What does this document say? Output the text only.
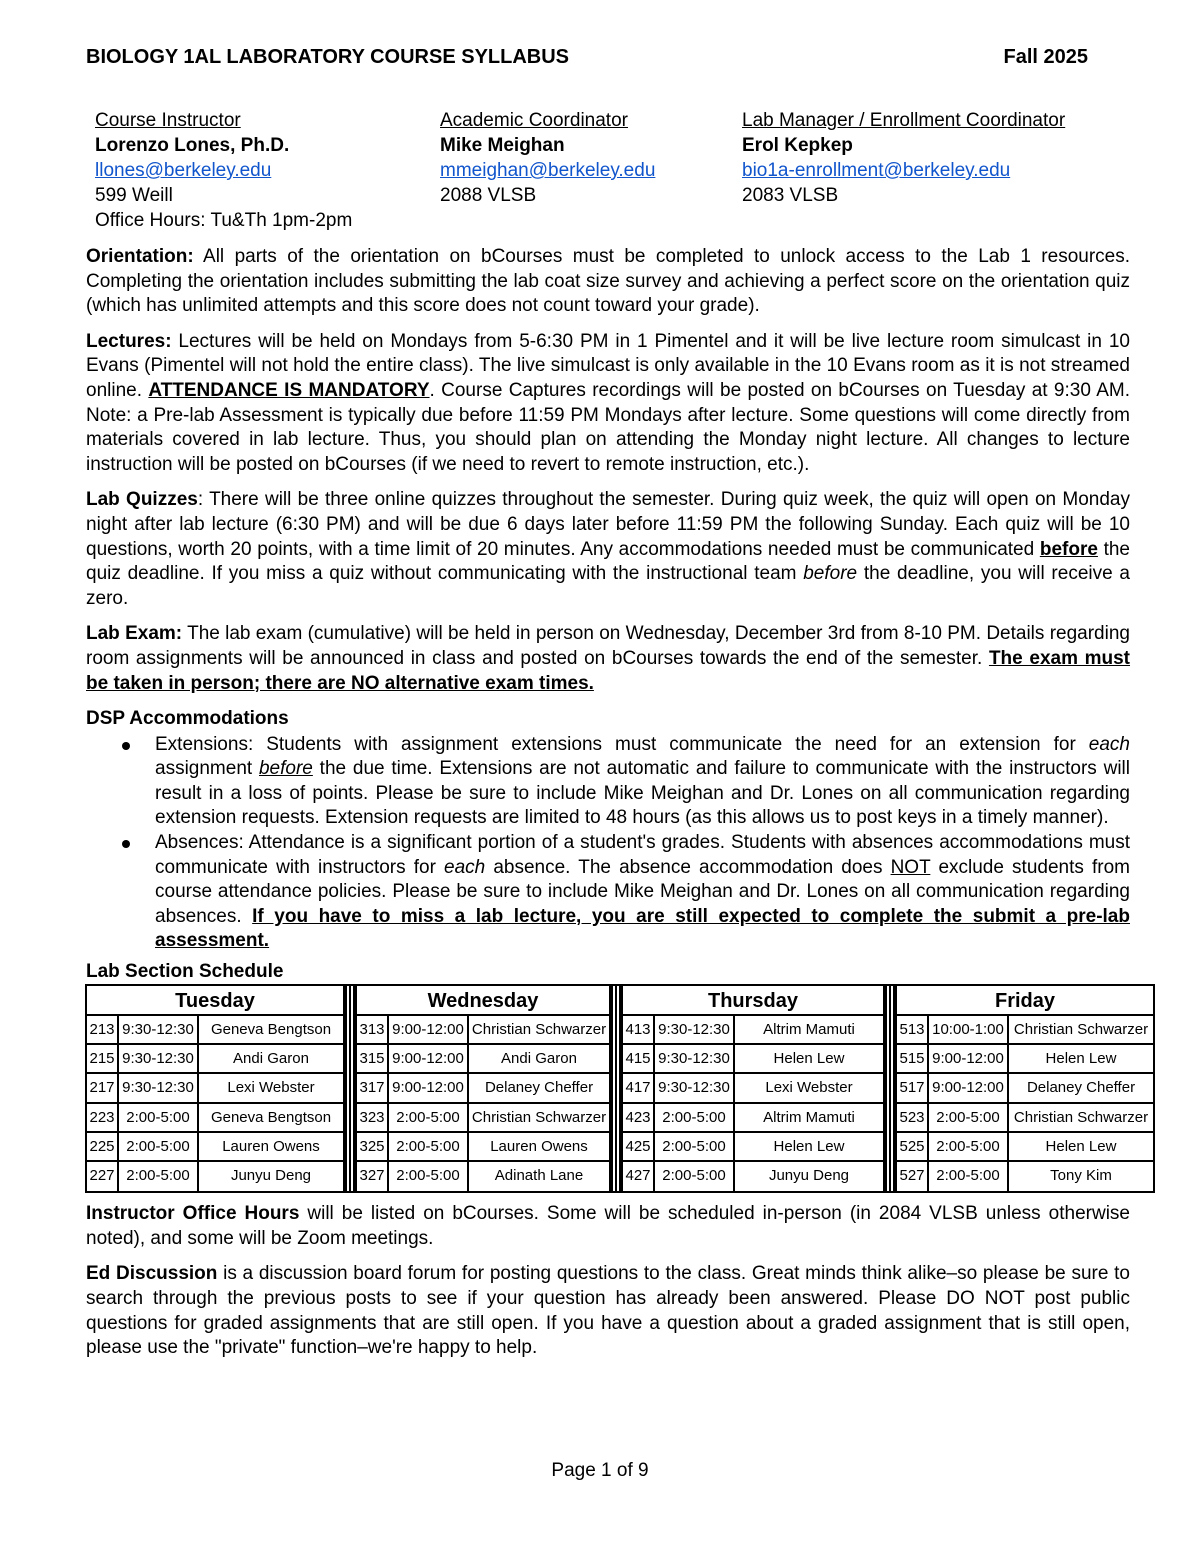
BIOLOGY 1AL LABORATORY COURSE SYLLABUS	Fall 2025
Course Instructor
Lorenzo Lones, Ph.D.
llones@berkeley.edu
599 Weill
Office Hours: Tu&Th 1pm-2pm
Academic Coordinator
Mike Meighan
mmeighan@berkeley.edu
2088 VLSB
Lab Manager / Enrollment Coordinator
Erol Kepkep
bio1a-enrollment@berkeley.edu
2083 VLSB

Orientation: All parts of the orientation on bCourses must be completed to unlock access to the Lab 1 resources. Completing the orientation includes submitting the lab coat size survey and achieving a perfect score on the orientation quiz (which has unlimited attempts and this score does not count toward your grade).

Lectures: Lectures will be held on Mondays from 5-6:30 PM in 1 Pimentel and it will be live lecture room simulcast in 10 Evans (Pimentel will not hold the entire class). The live simulcast is only available in the 10 Evans room as it is not streamed online. ATTENDANCE IS MANDATORY. Course Captures recordings will be posted on bCourses on Tuesday at 9:30 AM. Note: a Pre-lab Assessment is typically due before 11:59 PM Mondays after lecture. Some questions will come directly from materials covered in lab lecture. Thus, you should plan on attending the Monday night lecture. All changes to lecture instruction will be posted on bCourses (if we need to revert to remote instruction, etc.).

Lab Quizzes: There will be three online quizzes throughout the semester. During quiz week, the quiz will open on Monday night after lab lecture (6:30 PM) and will be due 6 days later before 11:59 PM the following Sunday. Each quiz will be 10 questions, worth 20 points, with a time limit of 20 minutes. Any accommodations needed must be communicated before the quiz deadline. If you miss a quiz without communicating with the instructional team before the deadline, you will receive a zero.

Lab Exam: The lab exam (cumulative) will be held in person on Wednesday, December 3rd from 8-10 PM. Details regarding room assignments will be announced in class and posted on bCourses towards the end of the semester. The exam must be taken in person; there are NO alternative exam times.

DSP Accommodations
Extensions: Students with assignment extensions must communicate the need for an extension for each assignment before the due time. Extensions are not automatic and failure to communicate with the instructors will result in a loss of points. Please be sure to include Mike Meighan and Dr. Lones on all communication regarding extension requests. Extension requests are limited to 48 hours (as this allows us to post keys in a timely manner).
Absences: Attendance is a significant portion of a student's grades. Students with absences accommodations must communicate with instructors for each absence. The absence accommodation does NOT exclude students from course attendance policies. Please be sure to include Mike Meighan and Dr. Lones on all communication regarding absences. If you have to miss a lab lecture, you are still expected to complete the submit a pre-lab assessment.
Lab Section Schedule
Tuesday
213 9:30-12:30	Geneva Bengtson
215 9:30-12:30	Andi Garon
217 9:30-12:30	Lexi Webster
223 2:00-5:00	Geneva Bengtson
225 2:00-5:00	Lauren Owens
227 2:00-5:00	Junyu Deng
Wednesday
313 9:00-12:00 Christian Schwarzer
315 9:00-12:00	Andi Garon
317 9:00-12:00	Delaney Cheffer
323 2:00-5:00 Christian Schwarzer
325 2:00-5:00	Lauren Owens
327 2:00-5:00	Adinath Lane
Thursday
413 9:30-12:30	Altrim Mamuti
415 9:30-12:30	Helen Lew
417 9:30-12:30	Lexi Webster
423 2:00-5:00	Altrim Mamuti
425 2:00-5:00	Helen Lew
427 2:00-5:00	Junyu Deng
Friday
513 10:00-1:00 Christian Schwarzer
515 9:00-12:00	Helen Lew
517 9:00-12:00	Delaney Cheffer
523 2:00-5:00 Christian Schwarzer
525 2:00-5:00	Helen Lew
527 2:00-5:00	Tony Kim

Instructor Office Hours will be listed on bCourses. Some will be scheduled in-person (in 2084 VLSB unless otherwise noted), and some will be Zoom meetings.

Ed Discussion is a discussion board forum for posting questions to the class. Great minds think alike–so please be sure to search through the previous posts to see if your question has already been answered. Please DO NOT post public questions for graded assignments that are still open. If you have a question about a graded assignment that is still open, please use the "private" function–we're happy to help.

Page 1 of 9
